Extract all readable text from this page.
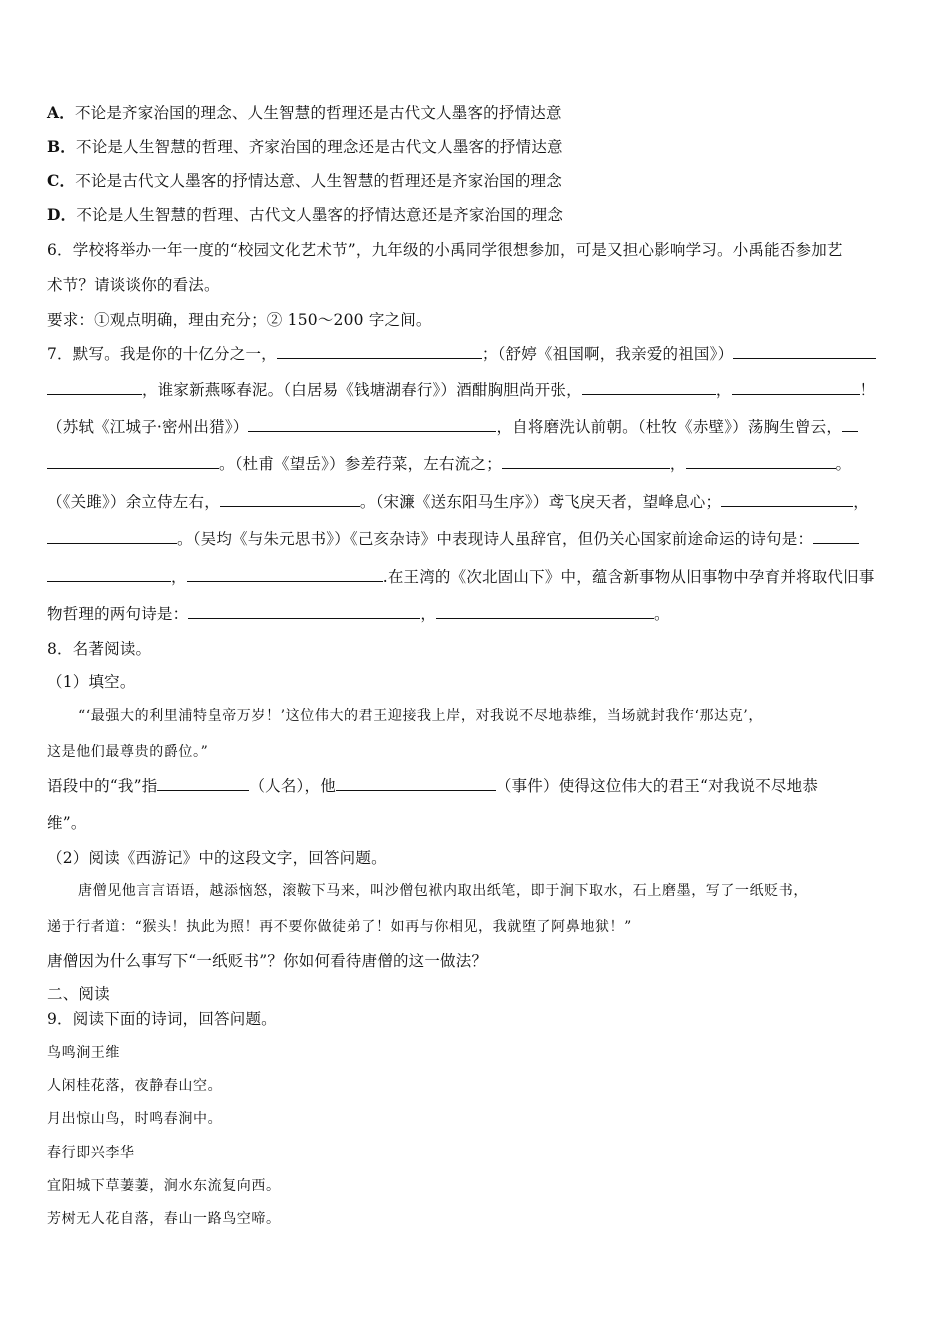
A．不论是齐家治国的理念、人生智慧的哲理还是古代文人墨客的抒情达意
B．不论是人生智慧的哲理、齐家治国的理念还是古代文人墨客的抒情达意
C．不论是古代文人墨客的抒情达意、人生智慧的哲理还是齐家治国的理念
D．不论是人生智慧的哲理、古代文人墨客的抒情达意还是齐家治国的理念
6．学校将举办一年一度的“校园文化艺术节”，九年级的小禹同学很想参加，可是又担心影响学习。小禹能否参加艺
术节？请谈谈你的看法。
要求：①观点明确，理由充分；② 150～200 字之间。
7．默写。我是你的十亿分之一，	；（舒婷《祖国啊，我亲爱的祖国》）
，谁家新燕啄春泥。（白居易《钱塘湖春行》）酒酣胸胆尚开张，	，	！
（苏轼《江城子·密州出猎》）	，自将磨洗认前朝。（杜牧《赤壁》）荡胸生曾云，
。（杜甫《望岳》）参差荇菜，左右流之；	，	。
（《关雎》）余立侍左右，	。（宋濂《送东阳马生序》）鸢飞戾天者，望峰息心；	，
。（吴均《与朱元思书》）《己亥杂诗》中表现诗人虽辞官，但仍关心国家前途命运的诗句是：
，	.在王湾的《次北固山下》中，蕴含新事物从旧事物中孕育并将取代旧事
物哲理的两句诗是：	，	。
8．名著阅读。
（1）填空。
“‘最强大的利里浦特皇帝万岁！’这位伟大的君王迎接我上岸，对我说不尽地恭维，当场就封我作‘那达克’，
这是他们最尊贵的爵位。”
语段中的“我”指	（人名），他	（事件）使得这位伟大的君王“对我说不尽地恭
维”。
（2）阅读《西游记》中的这段文字，回答问题。
唐僧见他言言语语，越添恼怒，滚鞍下马来，叫沙僧包袱内取出纸笔，即于涧下取水，石上磨墨，写了一纸贬书，
递于行者道：“猴头！执此为照！再不要你做徒弟了！如再与你相见，我就堕了阿鼻地狱！”
唐僧因为什么事写下“一纸贬书”？你如何看待唐僧的这一做法？
二、阅读
9．阅读下面的诗词，回答问题。
鸟鸣涧王维
人闲桂花落，夜静春山空。
月出惊山鸟，时鸣春涧中。
春行即兴李华
宜阳城下草萋萋，涧水东流复向西。
芳树无人花自落，春山一路鸟空啼。
